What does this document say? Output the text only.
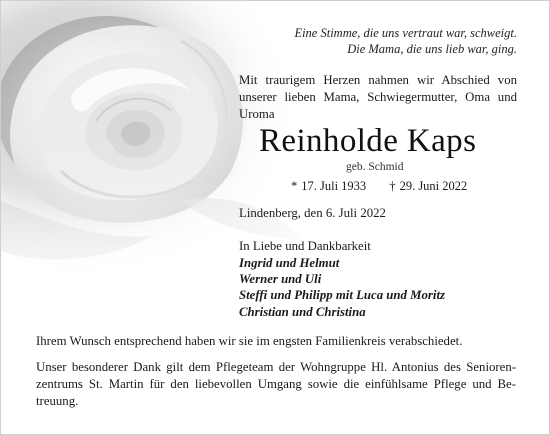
Eine Stimme, die uns vertraut war, schweigt.
Die Mama, die uns lieb war, ging.
Mit traurigem Herzen nahmen wir Abschied von unserer lieben Mama, Schwiegermutter, Oma und Uroma
Reinholde Kaps
geb. Schmid
* 17. Juli 1933 † 29. Juni 2022
Lindenberg, den 6. Juli 2022
In Liebe und Dankbarkeit
Ingrid und Helmut
Werner und Uli
Steffi und Philipp mit Luca und Moritz
Christian und Christina
Ihrem Wunsch entsprechend haben wir sie im engsten Familienkreis verabschiedet.
Unser besonderer Dank gilt dem Pflegeteam der Wohngruppe Hl. Antonius des Senioren-
zentrums St. Martin für den liebevollen Umgang sowie die einfühlsame Pflege und Be-
treuung.
